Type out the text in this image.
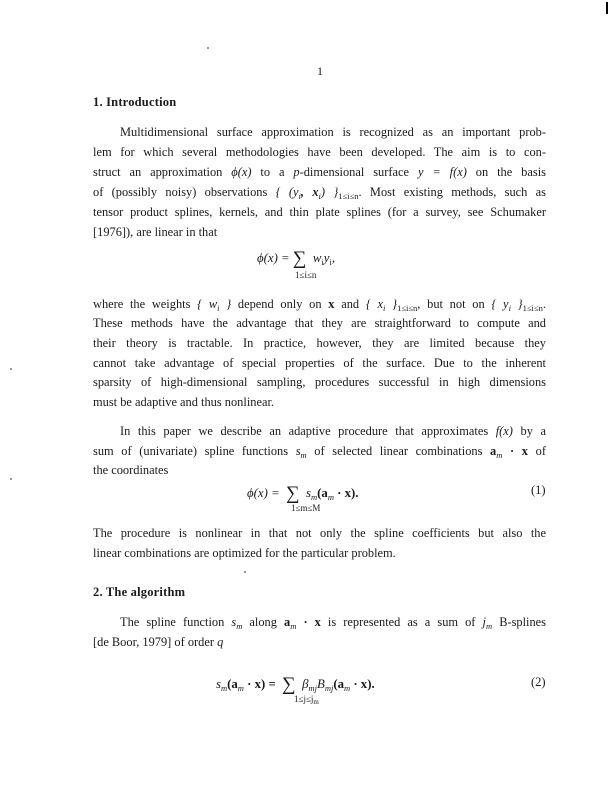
1
1. Introduction

Multidimensional surface approximation is recognized as an important prob-

lem for which several methodologies have been developed. The aim is to con-

struct an approximation ϕ(x) to a p-dimensional surface y = f(x) on the basis

of (possibly noisy) observations { ($y_i$, $x_i$) }$_{1\le i\le n}$. Most existing methods, such as

tensor product splines, kernels, and thin plate splines (for a survey, see Schumaker

[1976]), are linear in that

ϕ(x) = ∑ $w_iy_i$,
1≤i≤n

where the weights { $w_i$ } depend only on x and { $x_i$ }$_{1\le i\le n}$, but not on { $y_i$ }$_{1\le i\le n}$.

These methods have the advantage that they are straightforward to compute and

their theory is tractable. In practice, however, they are limited because they

cannot take advantage of special properties of the surface. Due to the inherent

sparsity of high-dimensional sampling, procedures successful in high dimensions

must be adaptive and thus nonlinear.

In this paper we describe an adaptive procedure that approximates f(x) by a

sum of (univariate) spline functions $s_m$ of selected linear combinations $a_m \cdot x$ of

the coordinates

ϕ(x) = ∑ $s_m(a_m \cdot x)$.
1≤m≤M
(1)

The procedure is nonlinear in that not only the spline coefficients but also the

linear combinations are optimized for the particular problem.

2. The algorithm

The spline function $s_m$ along $a_m \cdot x$ is represented as a sum of $j_m$ B-splines

[de Boor, 1979] of order q

$s_m(a_m \cdot x)$ = ∑ $\beta_{mj}B_{mj}(a_m \cdot x)$.
$1\le j\le j_m$
(2)
